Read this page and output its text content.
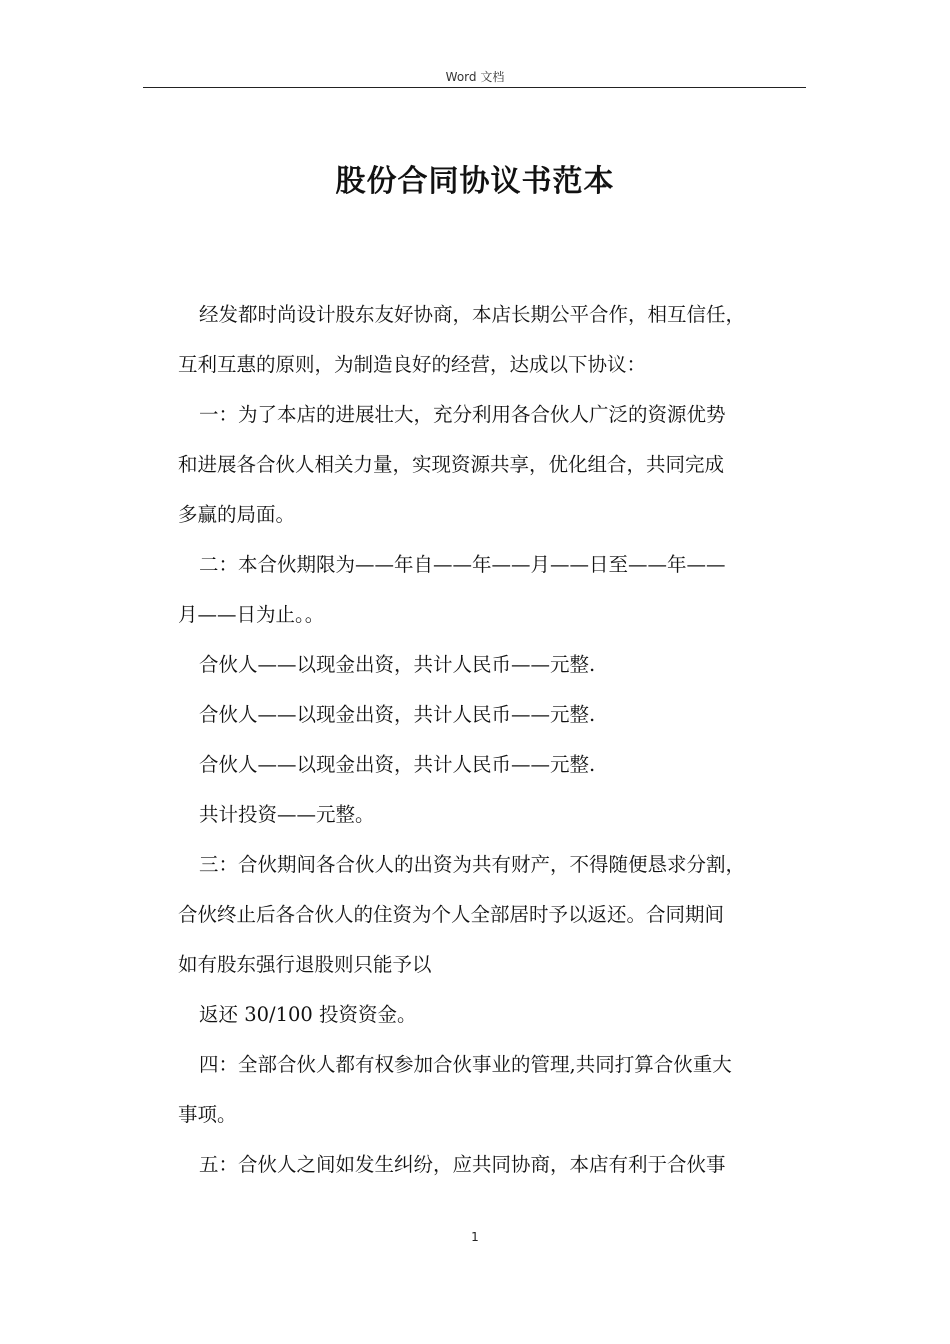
Word 文档
股份合同协议书范本

经发都时尚设计股东友好协商，本店长期公平合作，相互信任，

互利互惠的原则，为制造良好的经营，达成以下协议：

一：为了本店的进展壮大，充分利用各合伙人广泛的资源优势

和进展各合伙人相关力量，实现资源共享，优化组合，共同完成

多赢的局面。

二：本合伙期限为——年自——年——月——日至——年——

月——日为止。。

合伙人——以现金出资，共计人民币——元整.

合伙人——以现金出资，共计人民币——元整.

合伙人——以现金出资，共计人民币——元整.

共计投资——元整。

三：合伙期间各合伙人的出资为共有财产，不得随便恳求分割，

合伙终止后各合伙人的住资为个人全部居时予以返还。合同期间

如有股东强行退股则只能予以

返还 30/100 投资资金。

四：全部合伙人都有权参加合伙事业的管理,共同打算合伙重大

事项。

五：合伙人之间如发生纠纷，应共同协商，本店有利于合伙事

1
